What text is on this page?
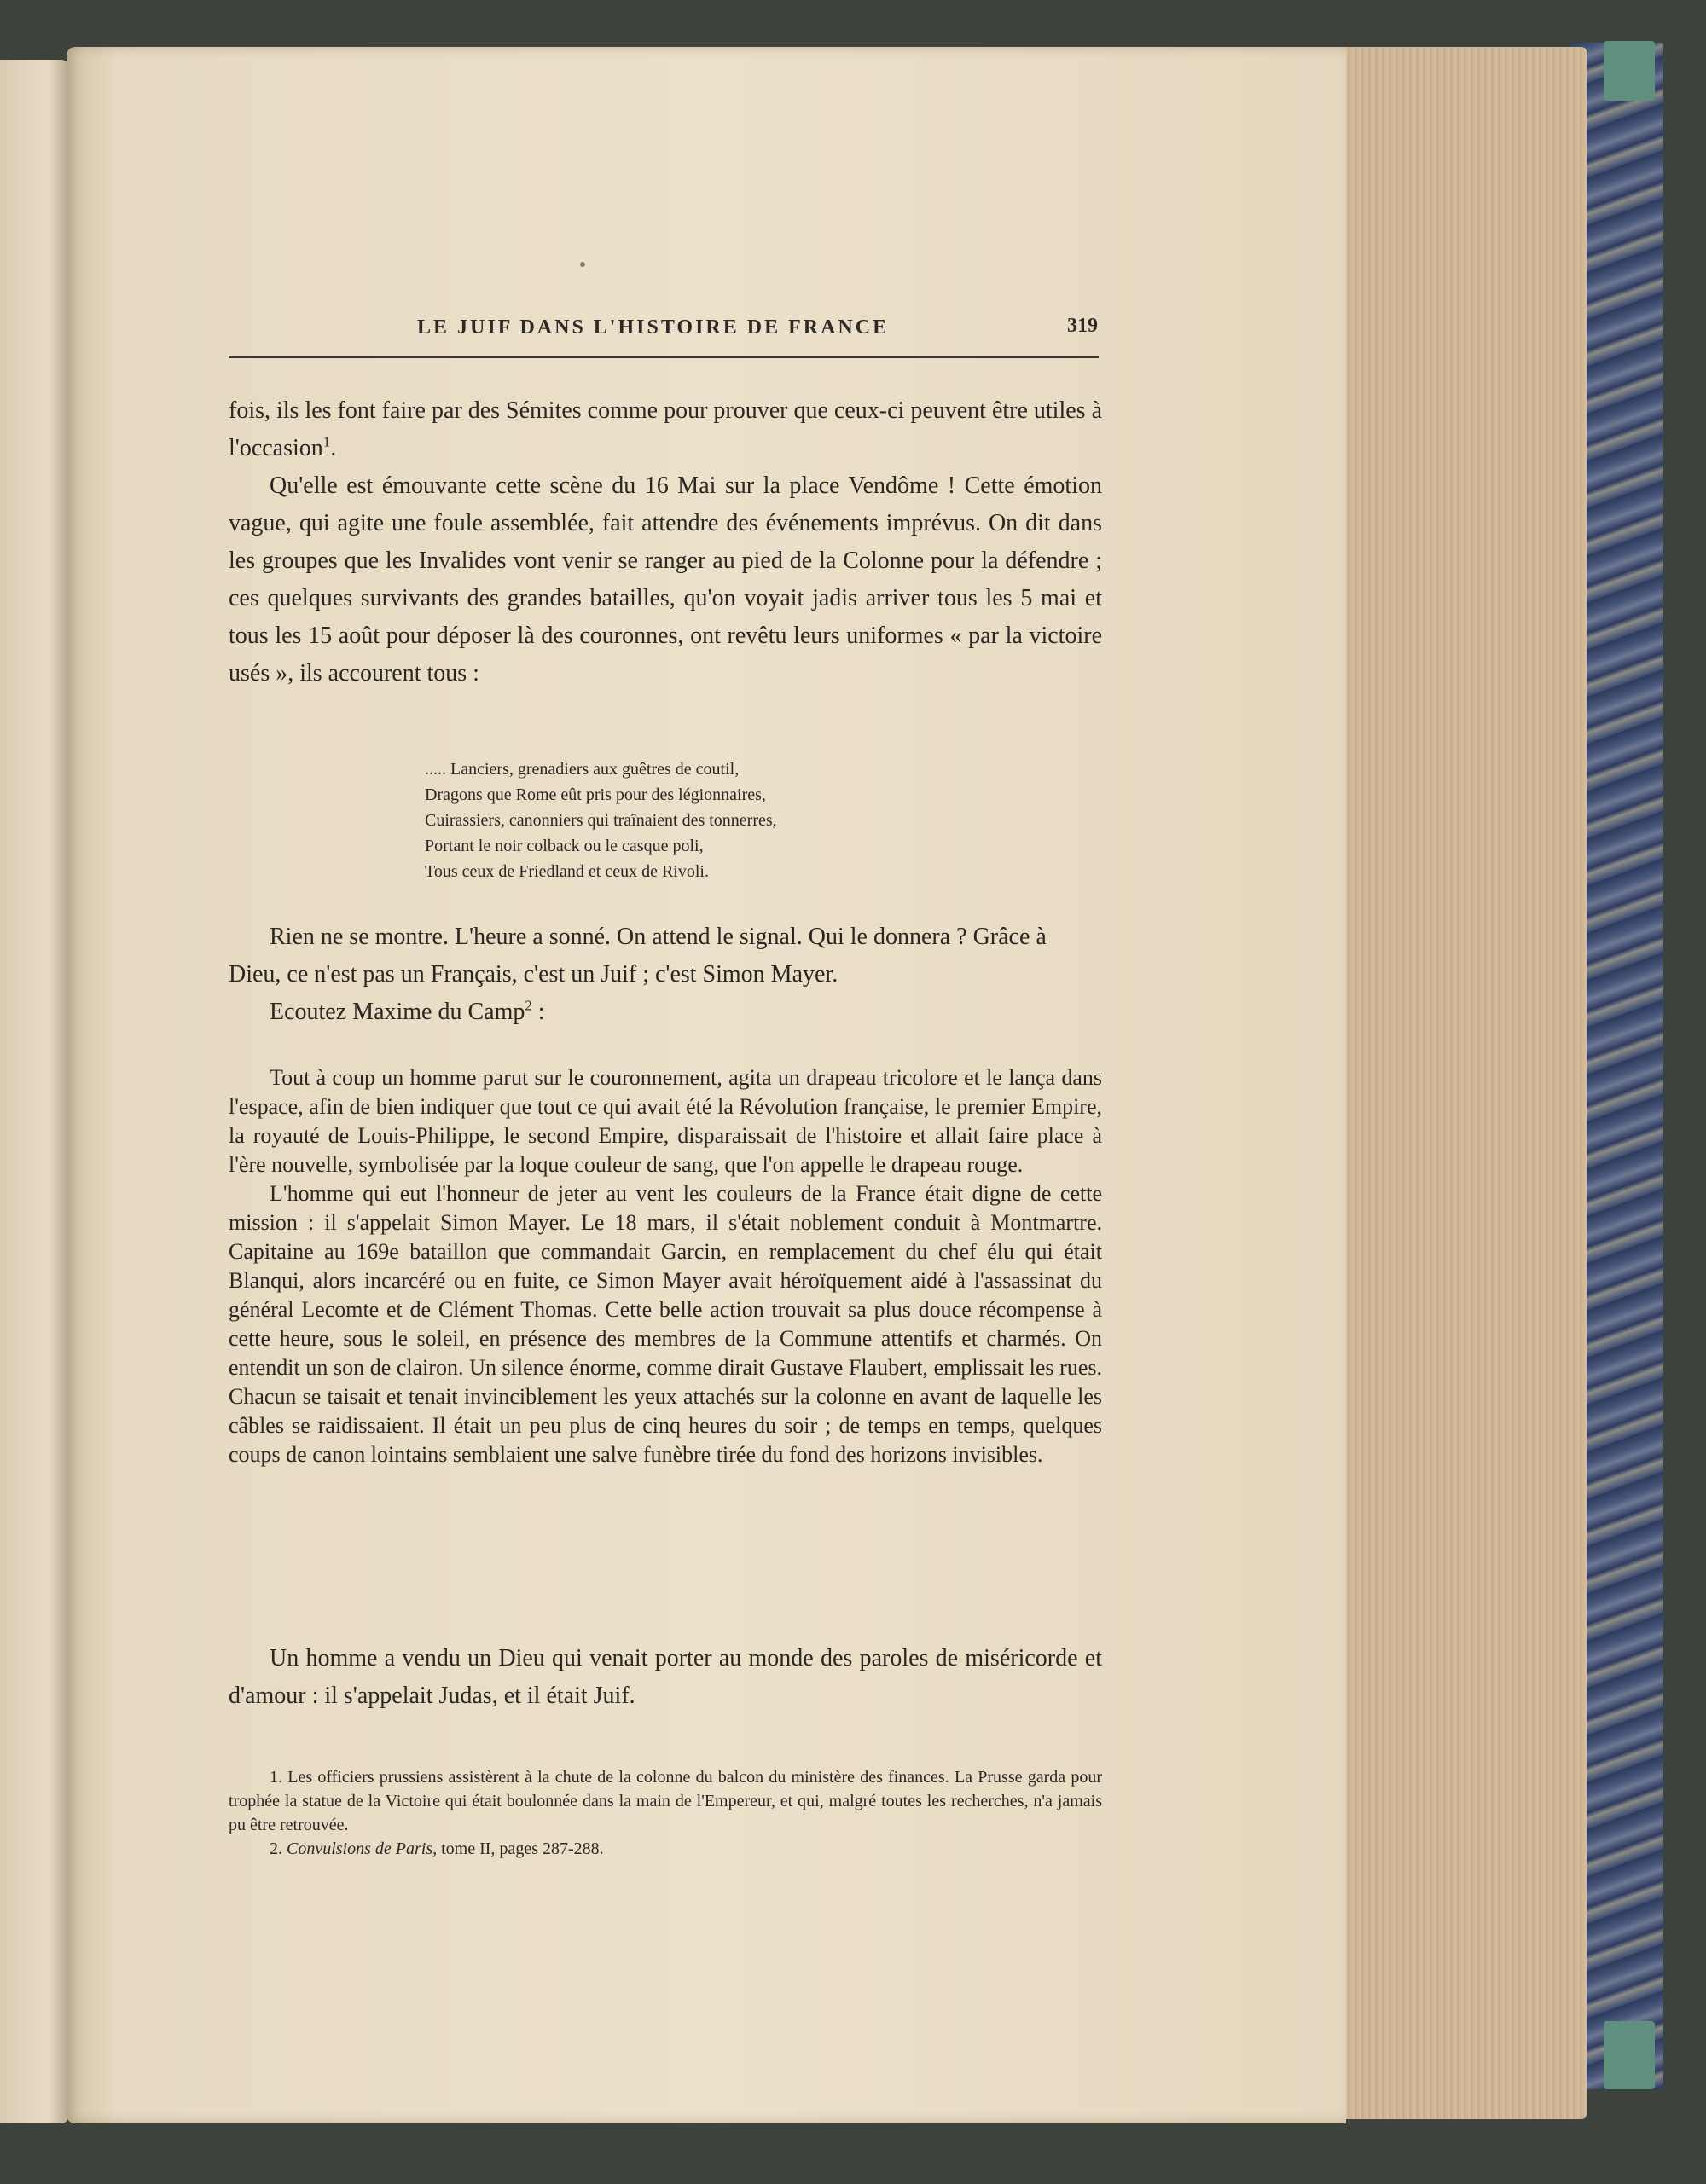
LE JUIF DANS L'HISTOIRE DE FRANCE	319

fois, ils les font faire par des Sémites comme pour prouver que ceux-ci peuvent être utiles à l'occasion$^1$.

Qu'elle est émouvante cette scène du 16 Mai sur la place Vendôme ! Cette émotion vague, qui agite une foule assemblée, fait attendre des événements imprévus. On dit dans les groupes que les Invalides vont venir se ranger au pied de la Colonne pour la défendre ; ces quelques survivants des grandes batailles, qu'on voyait jadis arriver tous les 5 mai et tous les 15 août pour déposer là des couronnes, ont revêtu leurs uniformes « par la victoire usés », ils accourent tous :

..... Lanciers, grenadiers aux guêtres de coutil,
Dragons que Rome eût pris pour des légionnaires,
Cuirassiers, canonniers qui traînaient des tonnerres,
Portant le noir colback ou le casque poli,
Tous ceux de Friedland et ceux de Rivoli.

Rien ne se montre. L'heure a sonné. On attend le signal. Qui le donnera ? Grâce à Dieu, ce n'est pas un Français, c'est un Juif ; c'est Simon Mayer.

Ecoutez Maxime du Camp$^2$ :

Tout à coup un homme parut sur le couronnement, agita un drapeau tricolore et le lança dans l'espace, afin de bien indiquer que tout ce qui avait été la Révolution française, le premier Empire, la royauté de Louis-Philippe, le second Empire, disparaissait de l'histoire et allait faire place à l'ère nouvelle, symbolisée par la loque couleur de sang, que l'on appelle le drapeau rouge.

L'homme qui eut l'honneur de jeter au vent les couleurs de la France était digne de cette mission : il s'appelait Simon Mayer. Le 18 mars, il s'était noblement conduit à Montmartre. Capitaine au 169e bataillon que commandait Garcin, en remplacement du chef élu qui était Blanqui, alors incarcéré ou en fuite, ce Simon Mayer avait héroïquement aidé à l'assassinat du général Lecomte et de Clément Thomas. Cette belle action trouvait sa plus douce récompense à cette heure, sous le soleil, en présence des membres de la Commune attentifs et charmés. On entendit un son de clairon. Un silence énorme, comme dirait Gustave Flaubert, emplissait les rues. Chacun se taisait et tenait invinciblement les yeux attachés sur la colonne en avant de laquelle les câbles se raidissaient. Il était un peu plus de cinq heures du soir ; de temps en temps, quelques coups de canon lointains semblaient une salve funèbre tirée du fond des horizons invisibles.

Un homme a vendu un Dieu qui venait porter au monde des paroles de miséricorde et d'amour : il s'appelait Judas, et il était Juif.

1. Les officiers prussiens assistèrent à la chute de la colonne du balcon du ministère des finances. La Prusse garda pour trophée la statue de la Victoire qui était boulonnée dans la main de l'Empereur, et qui, malgré toutes les recherches, n'a jamais pu être retrouvée.

2. Convulsions de Paris, tome II, pages 287-288.
